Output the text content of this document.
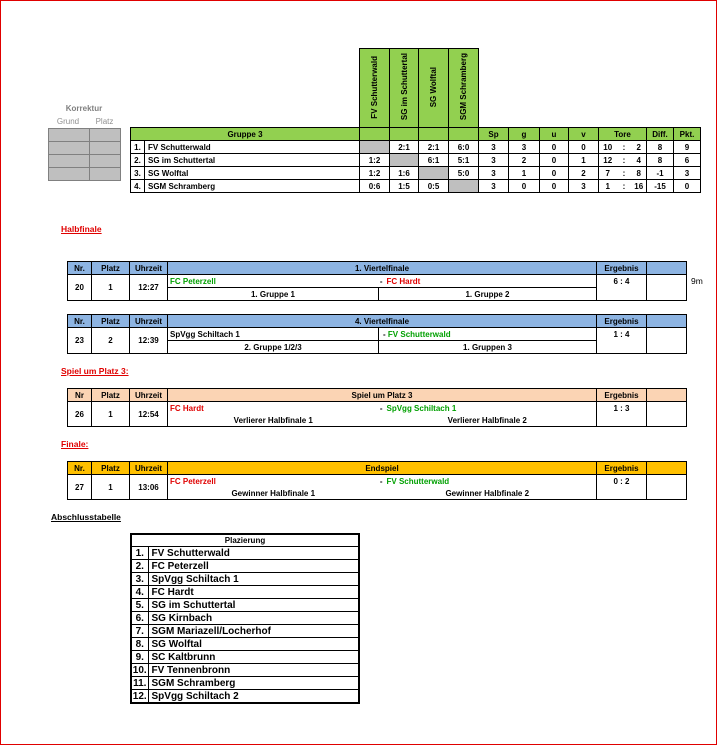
Korrektur
Grund	Platz

		FV Schutterwald	SG im Schuttertal	SG Wolftal	SGM Schramberg									
Gruppe 3						Sp	g	u	v	Tore			Diff.	Pkt.
1.	FV Schutterwald		2:1	2:1	6:0	3	3	0	0	10	:	2	8	9
2.	SG im Schuttertal	1:2		6:1	5:1	3	2	0	1	12	:	4	8	6
3.	SG Wolftal	1:2	1:6		5:0	3	1	0	2	7	:	8	-1	3
4.	SGM Schramberg	0:6	1:5	0:5		3	0	0	3	1	:	16	-15	0
Halbfinale
Spiel um Platz 3:
Finale:
Abschlusstabelle
Nr.	Platz	Uhrzeit	1. Viertelfinale		Ergebnis	
20	1	12:27	FC Peterzell -	FC Hardt	6 : 4	
			1. Gruppe 1	1. Gruppe 2		
9m
Nr.	Platz	Uhrzeit	4. Viertelfinale		Ergebnis	
23	2	12:39	SpVgg Schiltach 1	- FV Schutterwald	1 : 4	
			2. Gruppe 1/2/3	1. Gruppen 3		
Nr	Platz	Uhrzeit	Spiel um Platz 3		Ergebnis	
26	1	12:54	FC Hardt -	SpVgg Schiltach 1	1 : 3	
			Verlierer Halbfinale 1	Verlierer Halbfinale 2		
Nr.	Platz	Uhrzeit	Endspiel		Ergebnis	
27	1	13:06	FC Peterzell -	FV Schutterwald	0 : 2	
			Gewinner Halbfinale 1	Gewinner Halbfinale 2		
Plazierung	
1.	FV Schutterwald
2.	FC Peterzell
3.	SpVgg Schiltach 1
4.	FC Hardt
5.	SG im Schuttertal
6.	SG Kirnbach
7.	SGM Mariazell/Locherhof
8.	SG Wolftal
9.	SC Kaltbrunn
10.	FV Tennenbronn
11.	SGM Schramberg
12.	SpVgg Schiltach 2
